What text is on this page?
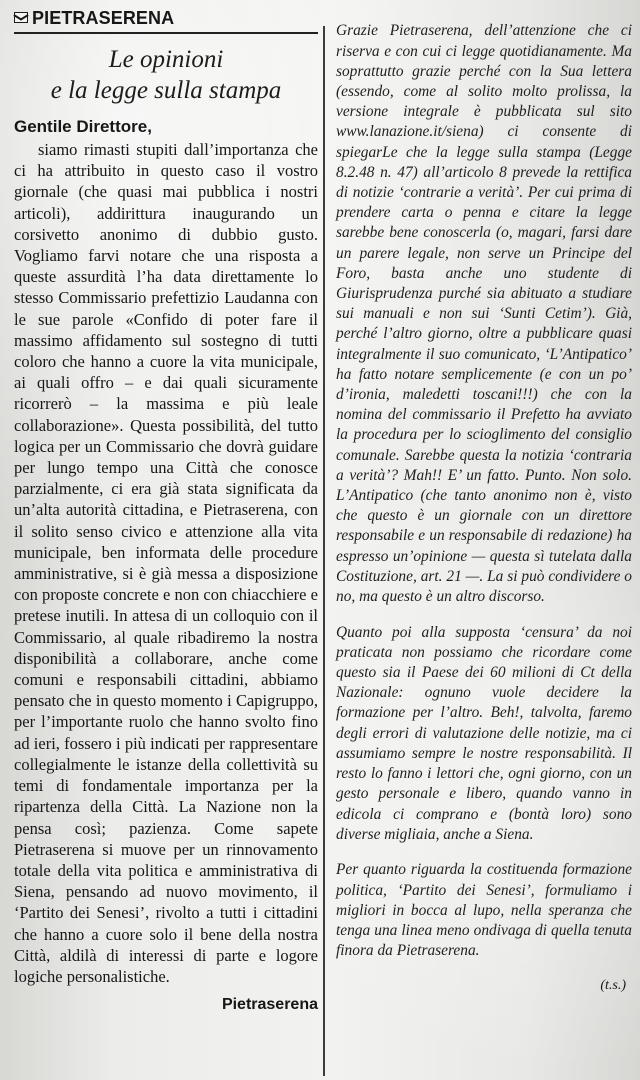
PIETRASERENA
Le opinioni
e la legge sulla stampa
Gentile Direttore,

siamo rimasti stupiti dall’importanza che ci ha attribuito in questo caso il vostro giornale (che quasi mai pubblica i nostri articoli), addirittura inaugurando un corsivetto anonimo di dubbio gusto. Vogliamo farvi notare che una risposta a queste assurdità l’ha data direttamente lo stesso Commissario prefettizio Laudanna con le sue parole «Confido di poter fare il massimo affidamento sul sostegno di tutti coloro che hanno a cuore la vita municipale, ai quali offro – e dai quali sicuramente ricorrerò – la massima e più leale collaborazione». Questa possibilità, del tutto logica per un Commissario che dovrà guidare per lungo tempo una Città che conosce parzialmente, ci era già stata significata da un’alta autorità cittadina, e Pietraserena, con il solito senso civico e attenzione alla vita municipale, ben informata delle procedure amministrative, si è già messa a disposizione con proposte concrete e non con chiacchiere e pretese inutili. In attesa di un colloquio con il Commissario, al quale ribadiremo la nostra disponibilità a collaborare, anche come comuni e responsabili cittadini, abbiamo pensato che in questo momento i Capigruppo, per l’importante ruolo che hanno svolto fino ad ieri, fossero i più indicati per rappresentare collegialmente le istanze della collettività su temi di fondamentale importanza per la ripartenza della Città. La Nazione non la pensa così; pazienza. Come sapete Pietraserena si muove per un rinnovamento totale della vita politica e amministrativa di Siena, pensando ad nuovo movimento, il ‘Partito dei Senesi’, rivolto a tutti i cittadini che hanno a cuore solo il bene della nostra Città, aldilà di interessi di parte e logore logiche personalistiche.

Pietraserena

Grazie Pietraserena, dell’attenzione che ci riserva e con cui ci legge quotidianamente. Ma soprattutto grazie perché con la Sua lettera (essendo, come al solito molto prolissa, la versione integrale è pubblicata sul sito www.lanazione.it/siena) ci consente di spiegarLe che la legge sulla stampa (Legge 8.2.48 n. 47) all’articolo 8 prevede la rettifica di notizie ‘contrarie a verità’. Per cui prima di prendere carta o penna e citare la legge sarebbe bene conoscerla (o, magari, farsi dare un parere legale, non serve un Principe del Foro, basta anche uno studente di Giurisprudenza purché sia abituato a studiare sui manuali e non sui ‘Sunti Cetim’). Già, perché l’altro giorno, oltre a pubblicare quasi integralmente il suo comunicato, ‘L’Antipatico’ ha fatto notare semplicemente (e con un po’ d’ironia, maledetti toscani!!!) che con la nomina del commissario il Prefetto ha avviato la procedura per lo scioglimento del consiglio comunale. Sarebbe questa la notizia ‘contraria a verità’? Mah!! E’ un fatto. Punto. Non solo. L’Antipatico (che tanto anonimo non è, visto che questo è un giornale con un direttore responsabile e un responsabile di redazione) ha espresso un’opinione — questa sì tutelata dalla Costituzione, art. 21 —. La si può condividere o no, ma questo è un altro discorso.

Quanto poi alla supposta ‘censura’ da noi praticata non possiamo che ricordare come questo sia il Paese dei 60 milioni di Ct della Nazionale: ognuno vuole decidere la formazione per l’altro. Beh!, talvolta, faremo degli errori di valutazione delle notizie, ma ci assumiamo sempre le nostre responsabilità. Il resto lo fanno i lettori che, ogni giorno, con un gesto personale e libero, quando vanno in edicola ci comprano e (bontà loro) sono diverse migliaia, anche a Siena.

Per quanto riguarda la costituenda formazione politica, ‘Partito dei Senesi’, formuliamo i migliori in bocca al lupo, nella speranza che tenga una linea meno ondivaga di quella tenuta finora da Pietraserena.

(t.s.)
